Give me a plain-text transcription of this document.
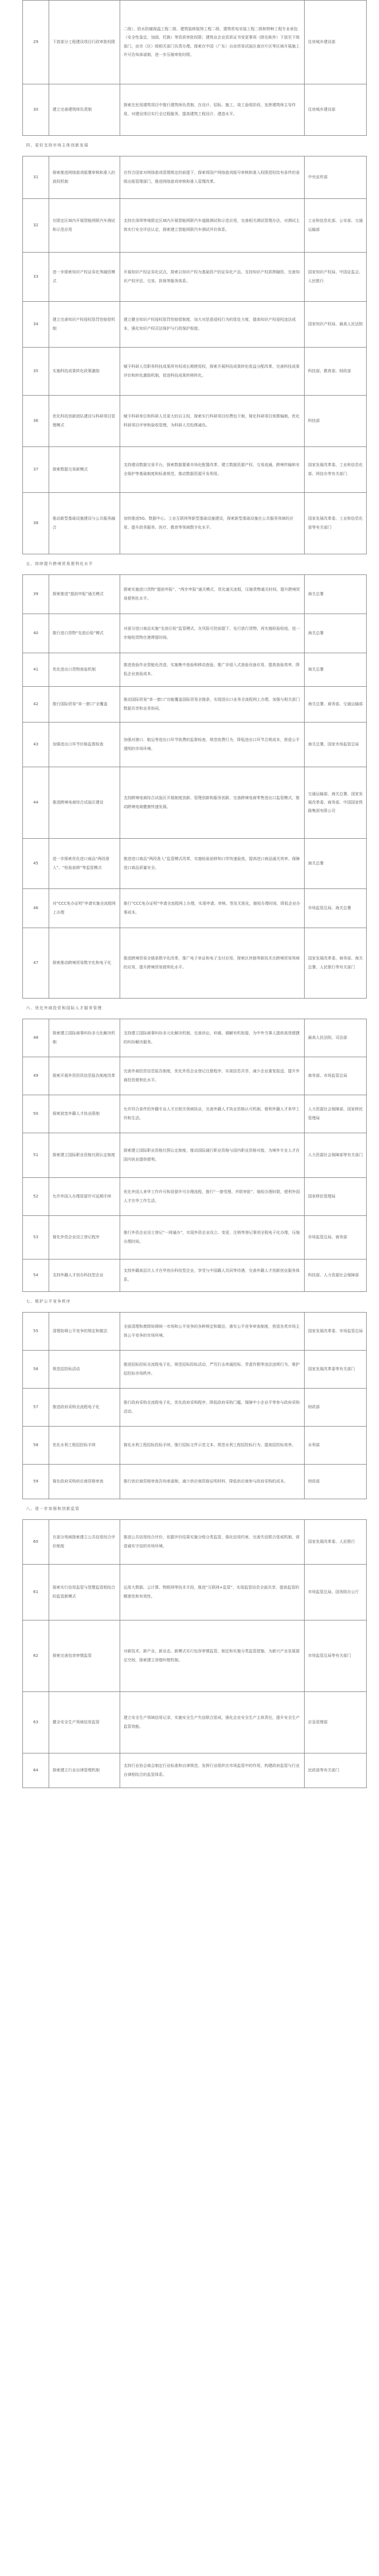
29	下放部分工程建设项目行政审批权限	二级）、防水防腐保温工程二级、建筑装修装饰工程二级、建筑机电安装工程二级和特种工程专业承包（安全性鉴定、加固、托换）等资质审批权限；建筑业企业资质证书变更事项（除名称外）下放至下级部门，由市（区）级相关部门负责办理。探索在中国（广东）自由贸易试验区南沙片区等区域开展施工许可告知承诺制，进一步压缩审批时限。	住房城乡建设部

30	建立完善建筑师负责制	探索在民用建筑项目中推行建筑师负责制，在设计、招标、施工、竣工验收阶段，发挥建筑师主导作用，对建设项目实行全过程服务，提高建筑工程设计、建造水平。	住房城乡建设部

四、更好支持市场主体创新发展			

31	探索推进网络游戏版署审核和准入的放权机制	在符合国家对网络游戏管理规定的前提下，探索将国产网络游戏版号审核和准入权限授权给有条件的省级出版管理部门，推进网络游戏审核和准入管理改革。	中央宣传部

32	在限定区域内开展智能网联汽车测试和示范应用	支持在深圳等地限定区域内开展智能网联汽车道路测试和示范应用，完善相关测试管理办法，对测试主体实行安全评估认定，探索建立智能网联汽车测试评价体系。	工业和信息化部、公安部、交通运输部

33	进一步探索知识产权证券化等融资模式	开展知识产权证券化试点，探索以知识产权为基础资产的证券化产品，支持知识产权质押融资，完善知识产权评估、交易、担保等服务体系。	国家知识产权局、中国证监会、人民银行

34	建立完善知识产权侵权惩罚性赔偿机制	建立健全知识产权侵权惩罚性赔偿制度，加大对恶意侵权行为的惩处力度，提高知识产权侵权违法成本，强化知识产权司法保护与行政保护衔接。	国家知识产权局、最高人民法院

35	实施科技成果转化政策激励	赋予科研人员职务科技成果所有权或长期使用权，探索开展科技成果转化收益分配改革，完善科技成果评价和转化激励机制，促进科技成果转移转化。	科技部、教育部、财政部

36	优化科技创新团队建设与科研项目管理模式	赋予科研单位和科研人员更大的自主权，探索实行科研项目经费包干制，简化科研项目预算编制，优化科研项目评审和验收管理，为科研人员松绑减负。	科技部

37	探索数据交易新模式	支持建设数据交易平台，探索数据要素市场化配置改革，建立数据资源产权、交易流通、跨境传输和安全保护等基础制度和标准规范，推动数据资源开发利用。	国家发展改革委、工业和信息化部、网信办等有关部门

38	推动新型基础设施建设与公共服务融合	加快推进5G、数据中心、工业互联网等新型基础设施建设，探索新型基础设施在公共服务领域的应用，提升政务服务、医疗、教育等领域数字化水平。	国家发展改革委、工业和信息化部等有关部门

五、持续提升跨境贸易便利化水平			

39	探索推进“提前申报”通关模式	探索实施进口货物“提前申报”、“两步申报”通关模式，优化通关流程，压缩货物通关时间，提升跨境贸易便利化水平。	海关总署

40	推行进口货物“先放后检”模式	对部分进口商品实施“先放后检”监管模式，在风险可控前提下，先行放行货物，再实施检验检疫，进一步缩短货物在港滞留时间。	海关总署

41	优化进出口货物查验机制	推进查验作业智能化改造，实施集中查验和移动查验，推广非侵入式查验设备应用，提高查验效率，降低企业查验成本。	海关总署

42	推行国际贸易“单一窗口”全覆盖	推动国际贸易“单一窗口”功能覆盖国际贸易全链条，实现进出口业务全流程网上办理，加强与相关部门数据共享和业务协同。	海关总署、商务部、交通运输部

43	加强进出口环节价格监督检查	加强对港口、航运等进出口环节收费的监督检查，规范收费行为，降低进出口环节合规成本，营造公平透明的市场环境。	海关总署、国家市场监管总局

44	推进跨境电商综合试验区建设	支持跨境电商综合试验区开展制度创新、管理创新和服务创新，完善跨境电商零售进出口监管模式，推动跨境电商健康快速发展。	交通运输部、海关总署、国家发展改革委、商务部、中国国家铁路集团有限公司

45	进一步探索优化进口商品“两段准入”、“检验前移”等监管模式	推进进口商品“两段准入”监管模式改革，实施检验前移和口岸快速验放，提高进口商品通关效率，保障进口商品质量安全。	海关总署

46	对“CCC免办证明”申请实施全流程网上办理	推行“CCC免办证明”申请全流程网上办理，实现申请、审核、签发无纸化，缩短办理时间，降低企业办事成本。	市场监管总局、海关总署

47	探索推动跨境贸易数字化和电子化	推进跨境贸易全链条数字化改革，推广电子单证和电子支付应用，探索区块链等新技术在跨境贸易领域的应用，提升跨境贸易便利化水平。	国家发展改革委、商务部、海关总署、人民银行等有关部门

六、优化外商投资和国际人才服务管理			

48	探索建立国际商事纠纷多元化解决机制	支持建立国际商事纠纷多元化解决机制，完善诉讼、仲裁、调解有机衔接，为中外当事人提供高效便捷的纠纷解决服务。	最高人民法院、司法部

49	探索开展外资投资信息报告制度改革	完善外商投资信息报告制度，优化外资企业登记注册程序，实现信息共享，减少企业重复报送，提升外商投资便利化水平。	商务部、市场监管总局

50	探索放宽外籍人才执业限制	允许符合条件的外籍专业人才在相关领域执业，完善外籍人才执业资格认可机制，便利外籍人才来华工作和生活。	人力资源社会保障部、国家移民管理局

51	探索建立国际职业资格比照认定制度	探索建立国际职业资格比照认定制度，推动国际通行职业资格与国内职业资格对接，为境外专业人才在国内执业提供便利。	人力资源社会保障部等有关部门

52	允许外国人办理居留许可延期手续	优化外国人来华工作许可和居留许可办理流程，推行“一窗受理、并联审批”，缩短办理时限，便利外国人才在华工作生活。	国家移民管理局

53	简化外资企业设立登记程序	推行外资企业设立登记“一网通办”，实现外资企业设立、变更、注销等登记事项全程电子化办理，压缩办理时间。	市场监管总局、商务部

54	支持外籍人才创办科技型企业	支持外籍高层次人才在华创办科技型企业，享受与中国籍人员同等待遇，完善外籍人才创新创业服务体系。	科技部、人力资源社会保障部

七、维护公平竞争秩序			

55	清理妨碍公平竞争的规定和做法	全面清理和废除妨碍统一市场和公平竞争的各种规定和做法，落实公平竞争审查制度，营造各类市场主体公平竞争的市场环境。	国家发展改革委、市场监管总局

56	规范招投标活动	推进招标投标全流程电子化，规范招标投标活动，严厉打击串通投标、弄虚作假等违法违规行为，维护招投标市场秩序。	国家发展改革委等有关部门

57	推进政府采购全流程电子化	推行政府采购全流程电子化，优化政府采购程序，降低政府采购门槛，保障中小企业平等参与政府采购活动。	财政部

58	优化水利工程招投标手续	简化水利工程招标投标手续，推行招标文件示范文本，规范水利工程招投标行为，提高招投标效率。	水利部

59	简化政府采购供应商资格审查	推行供应商资格审查告知承诺制，减少供应商资格证明材料，降低供应商参与政府采购的成本。	财政部

八、进一步加强和创新监管			

60	在部分领域探索建立公共信用综合评价制度	推进公共信用综合评价，依据评价结果实施分级分类监管，强化信用约束，完善失信联合惩戒机制，营造诚实守信的市场环境。	国家发展改革委、人民银行

61	探索实行信用监管与智慧监管相结合的监管新模式	运用大数据、云计算、物联网等技术手段，推进“互联网+监管”，实现监管信息全面共享，提高监管的精准性和有效性。	市场监管总局、国务院办公厅

62	探索完善包容审慎监管	对新技术、新产业、新业态、新模式实行包容审慎监管，制定和实施分类监管措施，为新兴产业发展留足空间，探索建立容错纠错机制。	市场监管总局等有关部门

63	健全安全生产领域信用监管	建立安全生产领域信用记录，实施安全生产失信联合惩戒，强化企业安全生产主体责任，提升安全生产监管效能。	应急管理部

64	探索建立行业自律管理机制	支持行业协会商会制定行业标准和自律规范，发挥行业组织在市场监管中的作用，构建政府监管与行业自律相结合的监管体系。	民政部等有关部门
